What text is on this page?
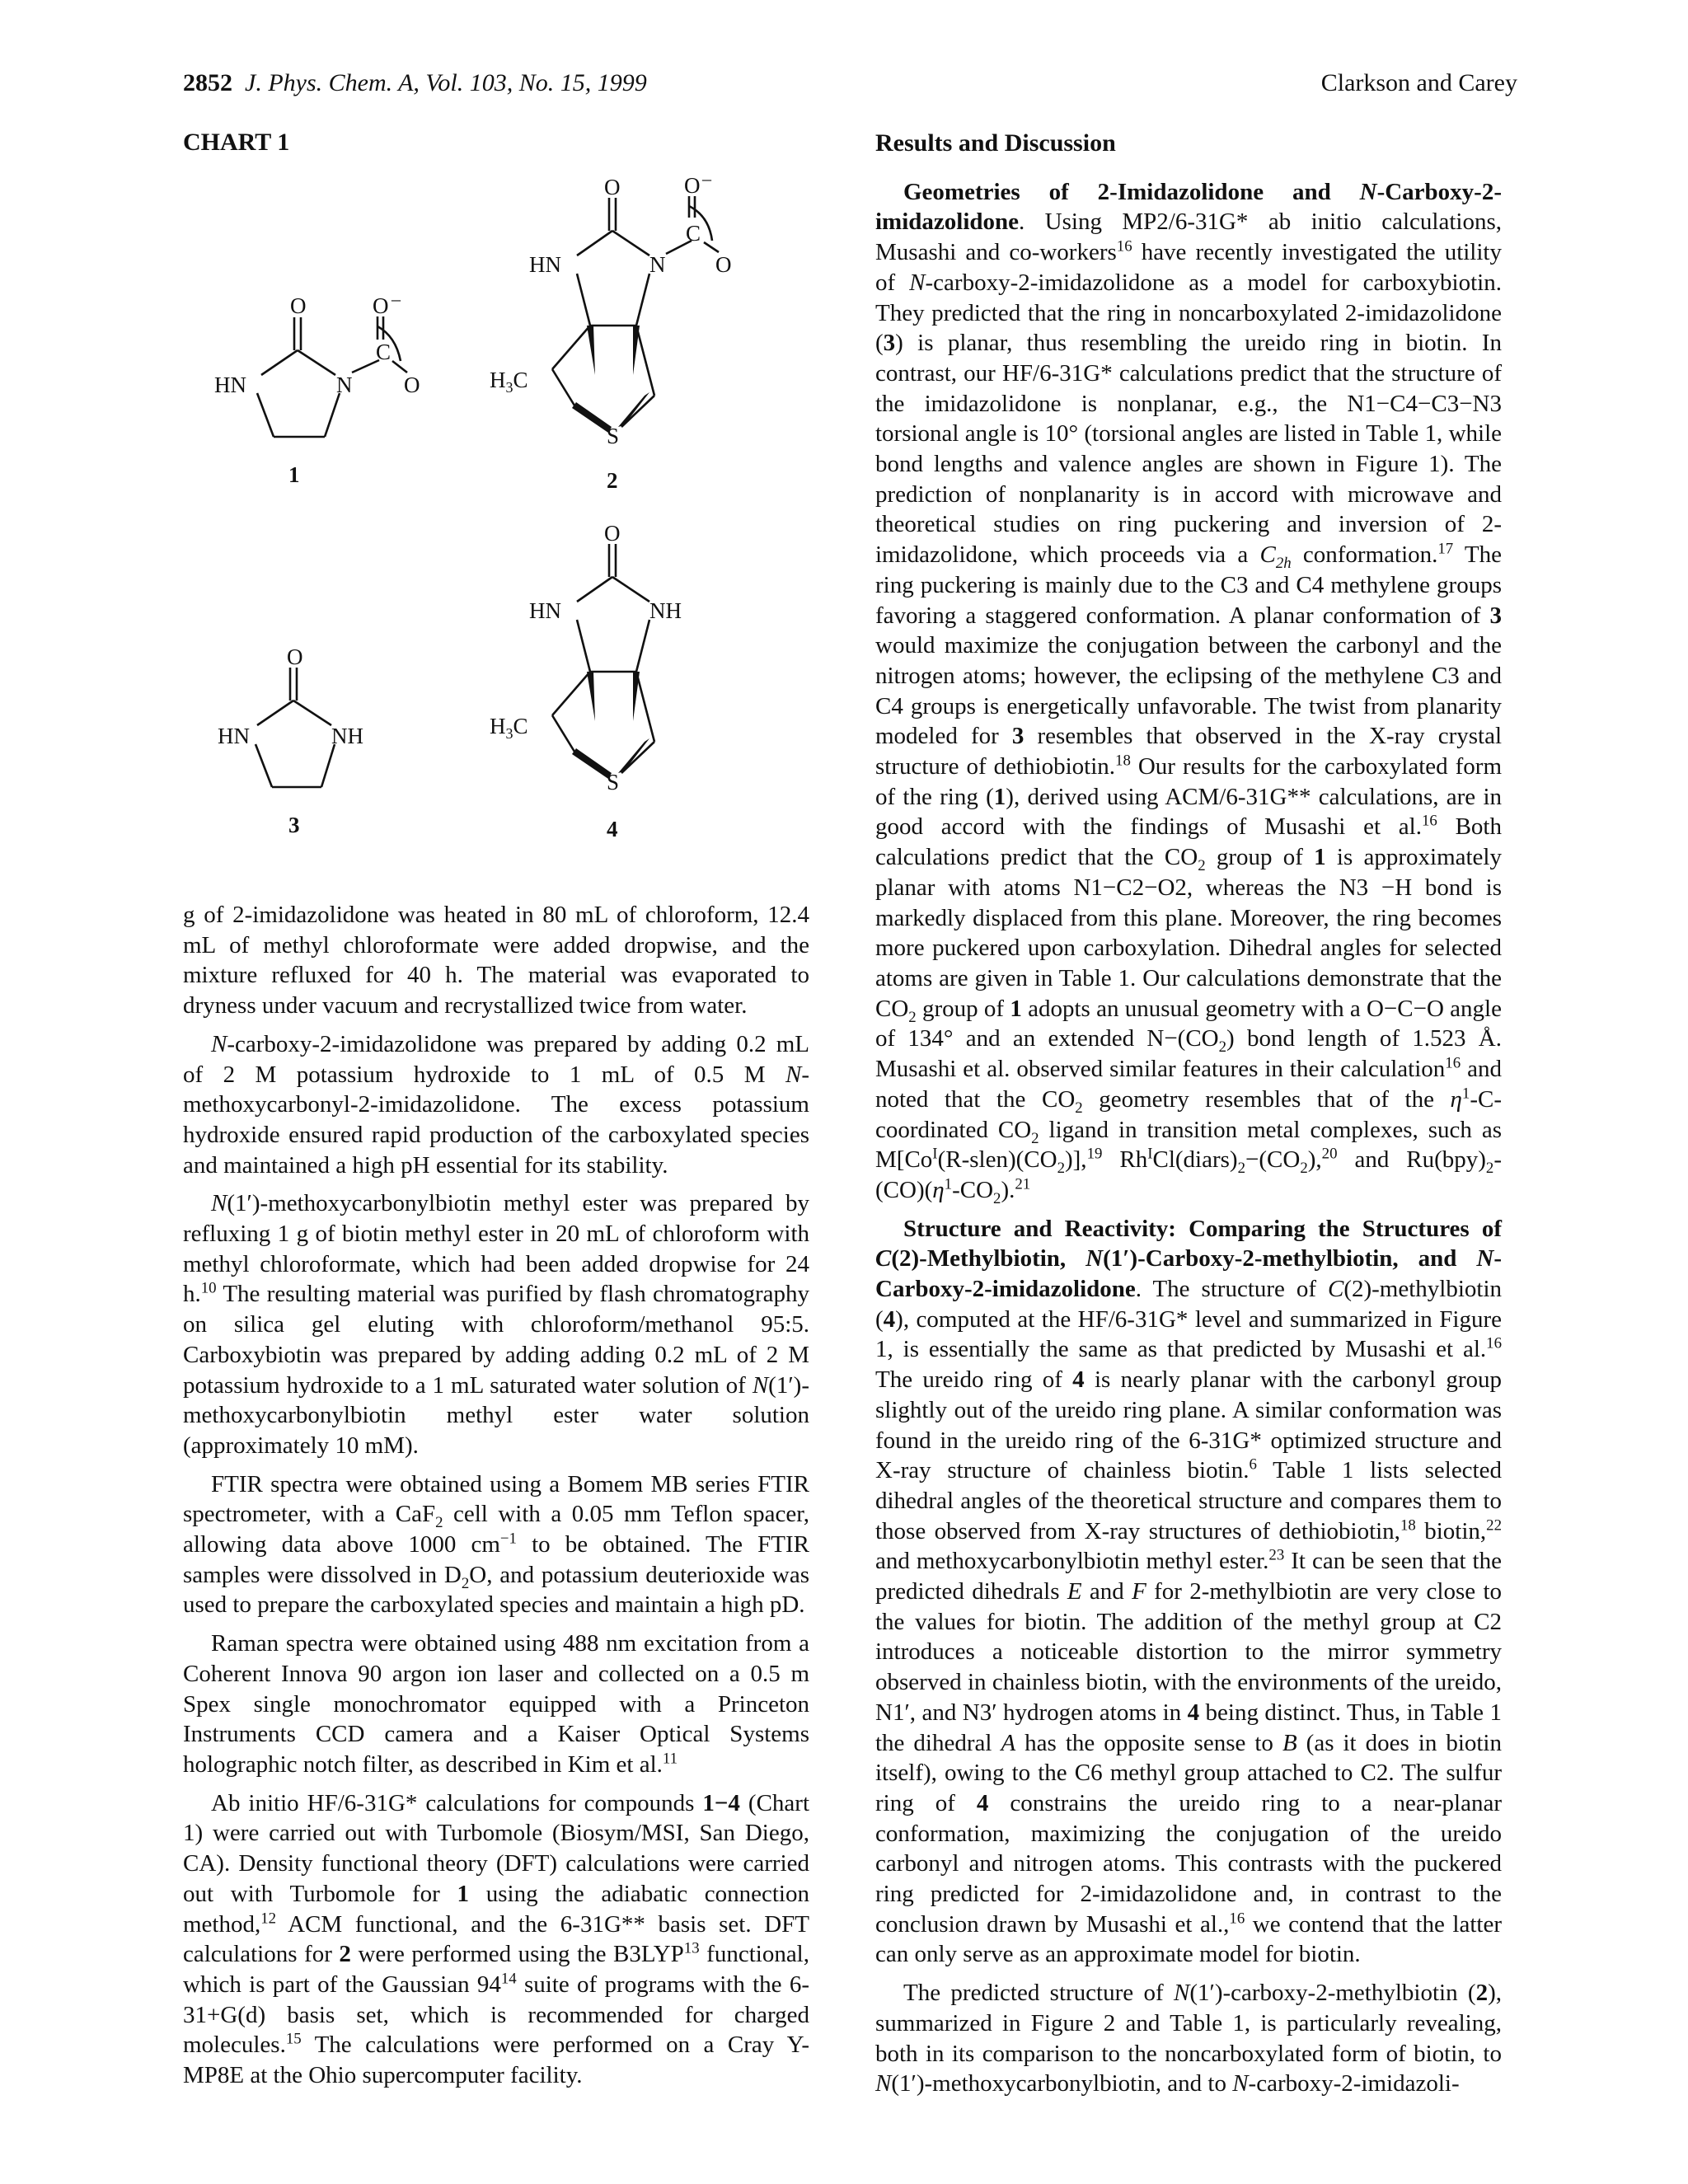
2852 J. Phys. Chem. A, Vol. 103, No. 15, 1999	Clarkson and Carey
CHART 1
O
HN	N
O –
C
O
1
O
HN	N
O –
C
O
$H_3C$
S
2
O
HN	NH
3
O
HN	NH
$H_3C$
S
4

g of 2-imidazolidone was heated in 80 mL of chloroform, 12.4 mL of methyl chloroformate were added dropwise, and the mixture refluxed for 40 h. The material was evaporated to dryness under vacuum and recrystallized twice from water.

N-carboxy-2-imidazolidone was prepared by adding 0.2 mL of 2 M potassium hydroxide to 1 mL of 0.5 M N-methoxycarbonyl-2-imidazolidone. The excess potassium hydroxide ensured rapid production of the carboxylated species and maintained a high pH essential for its stability.

N(1′)-methoxycarbonylbiotin methyl ester was prepared by refluxing 1 g of biotin methyl ester in 20 mL of chloroform with methyl chloroformate, which had been added dropwise for 24 h.$^{10}$ The resulting material was purified by flash chromatography on silica gel eluting with chloroform/methanol 95:5. Carboxybiotin was prepared by adding adding 0.2 mL of 2 M potassium hydroxide to a 1 mL saturated water solution of N(1′)-methoxycarbonylbiotin methyl ester water solution (approximately 10 mM).

FTIR spectra were obtained using a Bomem MB series FTIR spectrometer, with a CaF$_2$ cell with a 0.05 mm Teflon spacer, allowing data above 1000 $cm^{-1}$ to be obtained. The FTIR samples were dissolved in $D_2O$, and potassium deuterioxide was used to prepare the carboxylated species and maintain a high pD.

Raman spectra were obtained using 488 nm excitation from a Coherent Innova 90 argon ion laser and collected on a 0.5 m Spex single monochromator equipped with a Princeton Instruments CCD camera and a Kaiser Optical Systems holographic notch filter, as described in Kim et al.$^{11}$

Ab initio HF/6-31G* calculations for compounds 1−4 (Chart 1) were carried out with Turbomole (Biosym/MSI, San Diego, CA). Density functional theory (DFT) calculations were carried out with Turbomole for 1 using the adiabatic connection method,$^{12}$ ACM functional, and the 6-31G** basis set. DFT calculations for 2 were performed using the B3LYP$^{13}$ functional, which is part of the Gaussian $94^{14}$ suite of programs with the 6-31+G(d) basis set, which is recommended for charged molecules.$^{15}$ The calculations were performed on a Cray Y-MP8E at the Ohio supercomputer facility.

Results and Discussion

Geometries of 2-Imidazolidone and N-Carboxy-2-imidazolidone. Using MP2/6-31G* ab initio calculations, Musashi and co-workers$^{16}$ have recently investigated the utility of N-carboxy-2-imidazolidone as a model for carboxybiotin. They predicted that the ring in noncarboxylated 2-imidazolidone (3) is planar, thus resembling the ureido ring in biotin. In contrast, our HF/6-31G* calculations predict that the structure of the imidazolidone is nonplanar, e.g., the N1−C4−C3−N3 torsional angle is 10° (torsional angles are listed in Table 1, while bond lengths and valence angles are shown in Figure 1). The prediction of nonplanarity is in accord with microwave and theoretical studies on ring puckering and inversion of 2-imidazolidone, which proceeds via a $C_{2h}$ conformation.$^{17}$ The ring puckering is mainly due to the C3 and C4 methylene groups favoring a staggered conformation. A planar conformation of 3 would maximize the conjugation between the carbonyl and the nitrogen atoms; however, the eclipsing of the methylene C3 and C4 groups is energetically unfavorable. The twist from planarity modeled for 3 resembles that observed in the X-ray crystal structure of dethiobiotin.$^{18}$ Our results for the carboxylated form of the ring (1), derived using ACM/6-31G** calculations, are in good accord with the findings of Musashi et al.$^{16}$ Both calculations predict that the $CO_2$ group of 1 is approximately planar with atoms N1−C2−O2, whereas the N3 −H bond is markedly displaced from this plane. Moreover, the ring becomes more puckered upon carboxylation. Dihedral angles for selected atoms are given in Table 1. Our calculations demonstrate that the $CO_2$ group of 1 adopts an unusual geometry with a O−C−O angle of 134° and an extended $N-(CO_2)$ bond length of 1.523 Å. Musashi et al. observed similar features in their calculation$^{16}$ and noted that the $CO_2$ geometry resembles that of the $\eta^1-C$-coordinated $CO_2$ ligand in transition metal complexes, such as $M[Co^I(R-slen)(CO_2)],^{19}$ $Rh^ICl(diars)_2-(CO_2),^{20}$ and $Ru(bpy)_2-(CO)(\eta^1-CO_2).^{21}$

Structure and Reactivity: Comparing the Structures of C(2)-Methylbiotin, N(1′)-Carboxy-2-methylbiotin, and N-Carboxy-2-imidazolidone. The structure of C(2)-methylbiotin (4), computed at the HF/6-31G* level and summarized in Figure 1, is essentially the same as that predicted by Musashi et al.$^{16}$ The ureido ring of 4 is nearly planar with the carbonyl group slightly out of the ureido ring plane. A similar conformation was found in the ureido ring of the 6-31G* optimized structure and X-ray structure of chainless biotin.$^6$ Table 1 lists selected dihedral angles of the theoretical structure and compares them to those observed from X-ray structures of dethiobiotin,$^{18}$ biotin,$^{22}$ and methoxycarbonylbiotin methyl ester.$^{23}$ It can be seen that the predicted dihedrals E and F for 2-methylbiotin are very close to the values for biotin. The addition of the methyl group at C2 introduces a noticeable distortion to the mirror symmetry observed in chainless biotin, with the environments of the ureido, N1′, and N3′ hydrogen atoms in 4 being distinct. Thus, in Table 1 the dihedral A has the opposite sense to B (as it does in biotin itself), owing to the C6 methyl group attached to C2. The sulfur ring of 4 constrains the ureido ring to a near-planar conformation, maximizing the conjugation of the ureido carbonyl and nitrogen atoms. This contrasts with the puckered ring predicted for 2-imidazolidone and, in contrast to the conclusion drawn by Musashi et al.,$^{16}$ we contend that the latter can only serve as an approximate model for biotin.

The predicted structure of N(1′)-carboxy-2-methylbiotin (2), summarized in Figure 2 and Table 1, is particularly revealing, both in its comparison to the noncarboxylated form of biotin, to N(1′)-methoxycarbonylbiotin, and to N-carboxy-2-imidazoli-
